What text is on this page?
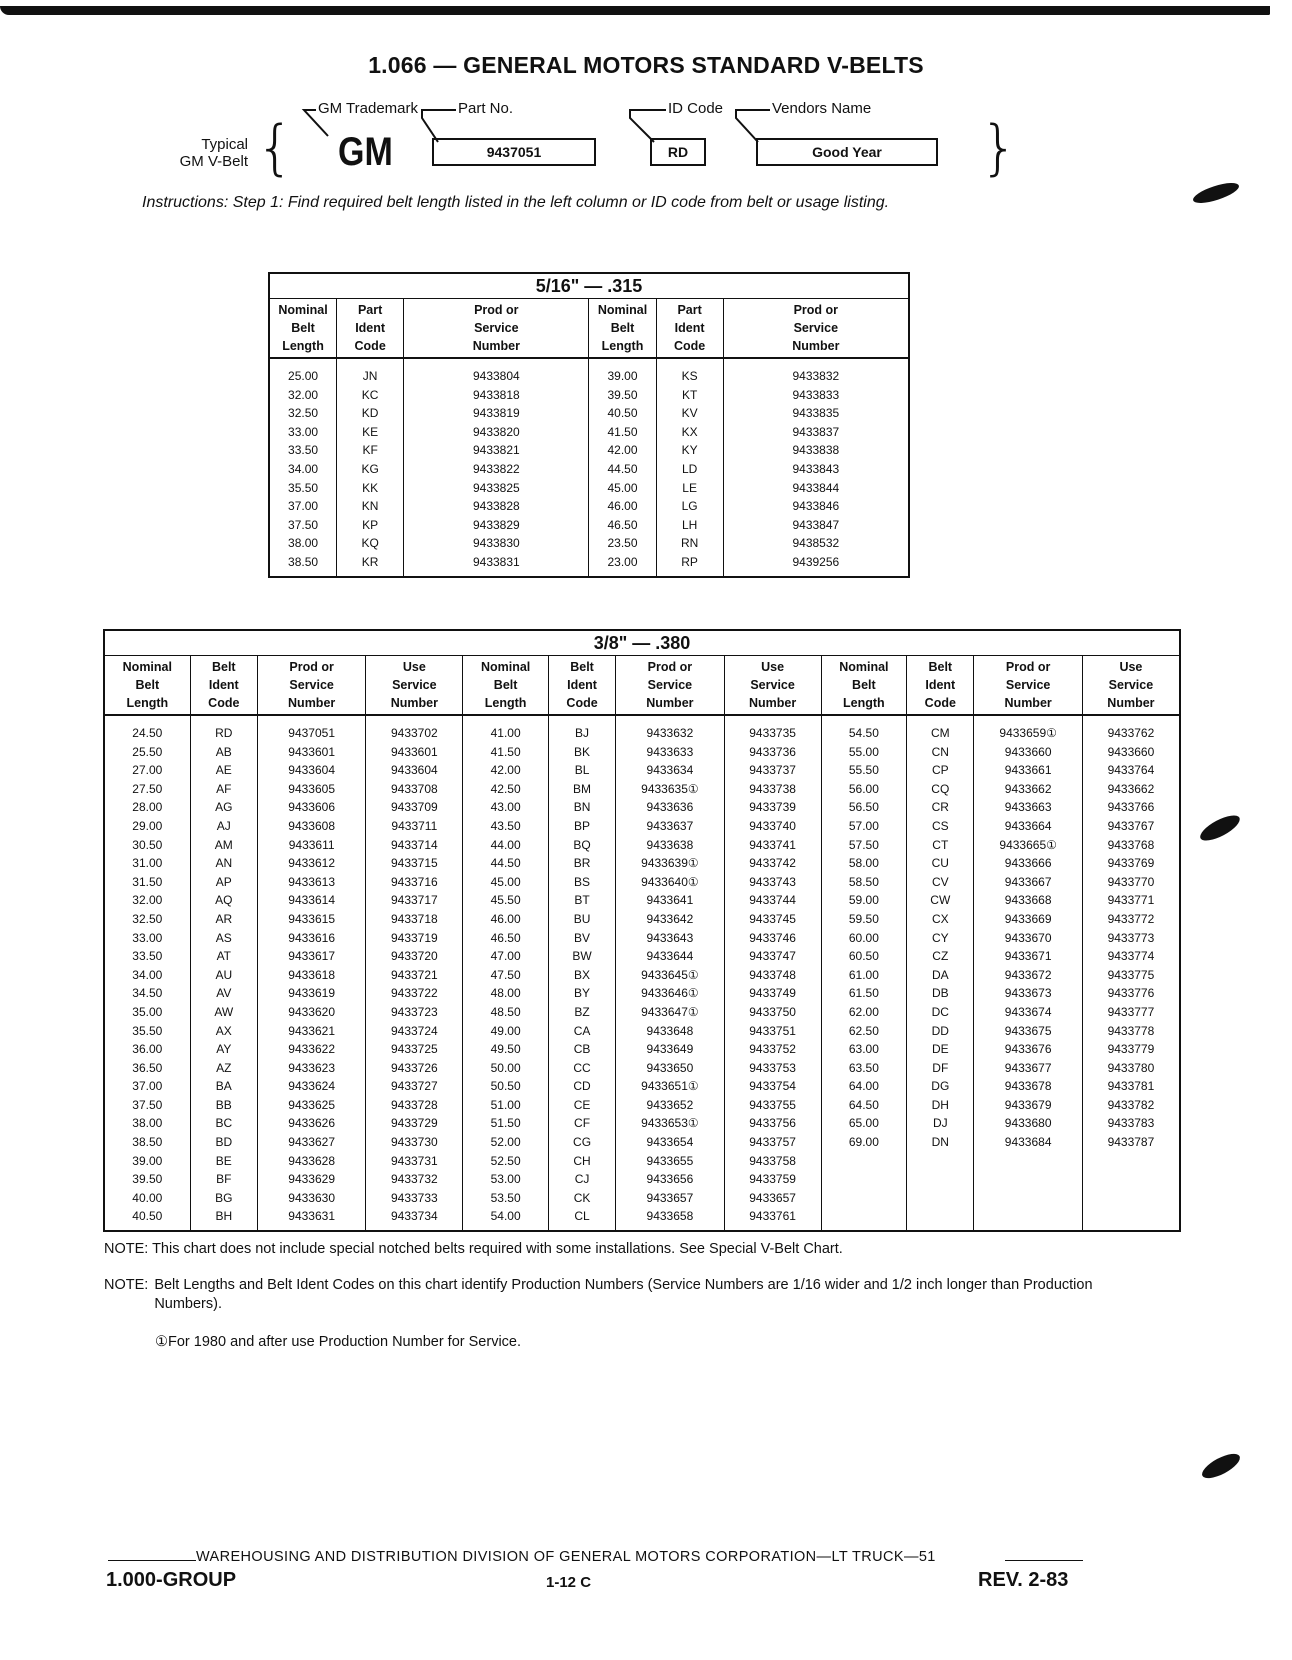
1.066 — GENERAL MOTORS STANDARD V-BELTS
Typical
GM V-Belt {	}
GM Trademark	Part No.	ID Code	Vendors Name
GM	9437051	RD	Good Year
Instructions: Step 1: Find required belt length listed in the left column or ID code from belt or usage listing.
5/16" — .315					
Nominal
Belt
Length	Part
Ident
Code	Prod or
Service
Number	Nominal
Belt
Length	Part
Ident
Code	Prod or
Service
Number
25.00	JN	9433804	39.00	KS	9433832
32.00	KC	9433818	39.50	KT	9433833
32.50	KD	9433819	40.50	KV	9433835
33.00	KE	9433820	41.50	KX	9433837
33.50	KF	9433821	42.00	KY	9433838
34.00	KG	9433822	44.50	LD	9433843
35.50	KK	9433825	45.00	LE	9433844
37.00	KN	9433828	46.00	LG	9433846
37.50	KP	9433829	46.50	LH	9433847
38.00	KQ	9433830	23.50	RN	9438532
38.50	KR	9433831	23.00	RP	9439256
3/8" — .380											
Nominal
Belt
Length	Belt
Ident
Code	Prod or
Service
Number	Use
Service
Number	Nominal
Belt
Length	Belt
Ident
Code	Prod or
Service
Number	Use
Service
Number	Nominal
Belt
Length	Belt
Ident
Code	Prod or
Service
Number	Use
Service
Number
24.50	RD	9437051	9433702	41.00	BJ	9433632	9433735	54.50	CM	9433659①	9433762
25.50	AB	9433601	9433601	41.50	BK	9433633	9433736	55.00	CN	9433660	9433660
27.00	AE	9433604	9433604	42.00	BL	9433634	9433737	55.50	CP	9433661	9433764
27.50	AF	9433605	9433708	42.50	BM	9433635①	9433738	56.00	CQ	9433662	9433662
28.00	AG	9433606	9433709	43.00	BN	9433636	9433739	56.50	CR	9433663	9433766
29.00	AJ	9433608	9433711	43.50	BP	9433637	9433740	57.00	CS	9433664	9433767
30.50	AM	9433611	9433714	44.00	BQ	9433638	9433741	57.50	CT	9433665①	9433768
31.00	AN	9433612	9433715	44.50	BR	9433639①	9433742	58.00	CU	9433666	9433769
31.50	AP	9433613	9433716	45.00	BS	9433640①	9433743	58.50	CV	9433667	9433770
32.00	AQ	9433614	9433717	45.50	BT	9433641	9433744	59.00	CW	9433668	9433771
32.50	AR	9433615	9433718	46.00	BU	9433642	9433745	59.50	CX	9433669	9433772
33.00	AS	9433616	9433719	46.50	BV	9433643	9433746	60.00	CY	9433670	9433773
33.50	AT	9433617	9433720	47.00	BW	9433644	9433747	60.50	CZ	9433671	9433774
34.00	AU	9433618	9433721	47.50	BX	9433645①	9433748	61.00	DA	9433672	9433775
34.50	AV	9433619	9433722	48.00	BY	9433646①	9433749	61.50	DB	9433673	9433776
35.00	AW	9433620	9433723	48.50	BZ	9433647①	9433750	62.00	DC	9433674	9433777
35.50	AX	9433621	9433724	49.00	CA	9433648	9433751	62.50	DD	9433675	9433778
36.00	AY	9433622	9433725	49.50	CB	9433649	9433752	63.00	DE	9433676	9433779
36.50	AZ	9433623	9433726	50.00	CC	9433650	9433753	63.50	DF	9433677	9433780
37.00	BA	9433624	9433727	50.50	CD	9433651①	9433754	64.00	DG	9433678	9433781
37.50	BB	9433625	9433728	51.00	CE	9433652	9433755	64.50	DH	9433679	9433782
38.00	BC	9433626	9433729	51.50	CF	9433653①	9433756	65.00	DJ	9433680	9433783
38.50	BD	9433627	9433730	52.00	CG	9433654	9433757	69.00	DN	9433684	9433787
39.00	BE	9433628	9433731	52.50	CH	9433655	9433758				
39.50	BF	9433629	9433732	53.00	CJ	9433656	9433759				
40.00	BG	9433630	9433733	53.50	CK	9433657	9433657				
40.50	BH	9433631	9433734	54.00	CL	9433658	9433761				
NOTE: This chart does not include special notched belts required with some installations. See Special V-Belt Chart.
NOTE: Belt Lengths and Belt Ident Codes on this chart identify Production Numbers (Service Numbers are 1/16 wider and 1/2 inch longer than Production Numbers).
①For 1980 and after use Production Number for Service.
WAREHOUSING AND DISTRIBUTION DIVISION OF GENERAL MOTORS CORPORATION—LT TRUCK—51
1.000-GROUP	1-12 C	REV. 2-83
